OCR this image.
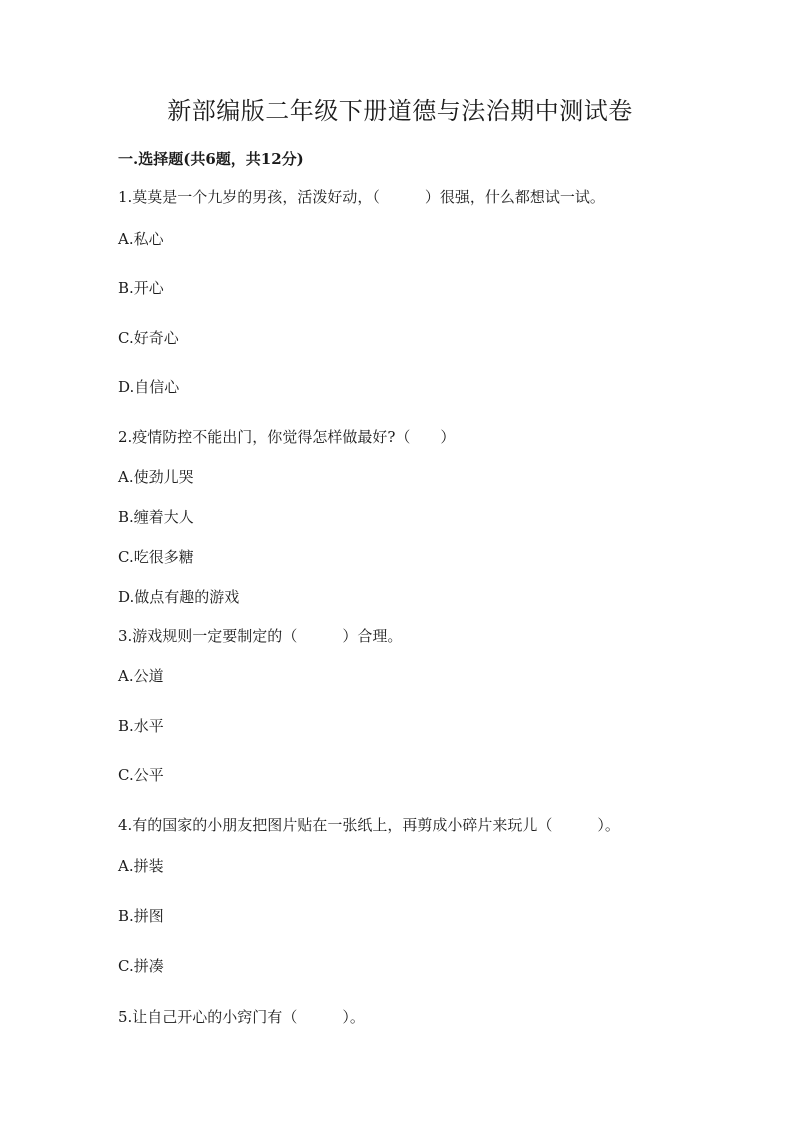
新部编版二年级下册道德与法治期中测试卷
一.选择题(共6题，共12分)
1.莫莫是一个九岁的男孩，活泼好动，（　　　）很强，什么都想试一试。
A.私心
B.开心
C.好奇心
D.自信心
2.疫情防控不能出门，你觉得怎样做最好?（　　）
A.使劲儿哭
B.缠着大人
C.吃很多糖
D.做点有趣的游戏
3.游戏规则一定要制定的（　　　）合理。
A.公道
B.水平
C.公平
4.有的国家的小朋友把图片贴在一张纸上，再剪成小碎片来玩儿（　　　）。
A.拼装
B.拼图
C.拼凑
5.让自己开心的小窍门有（　　　）。
